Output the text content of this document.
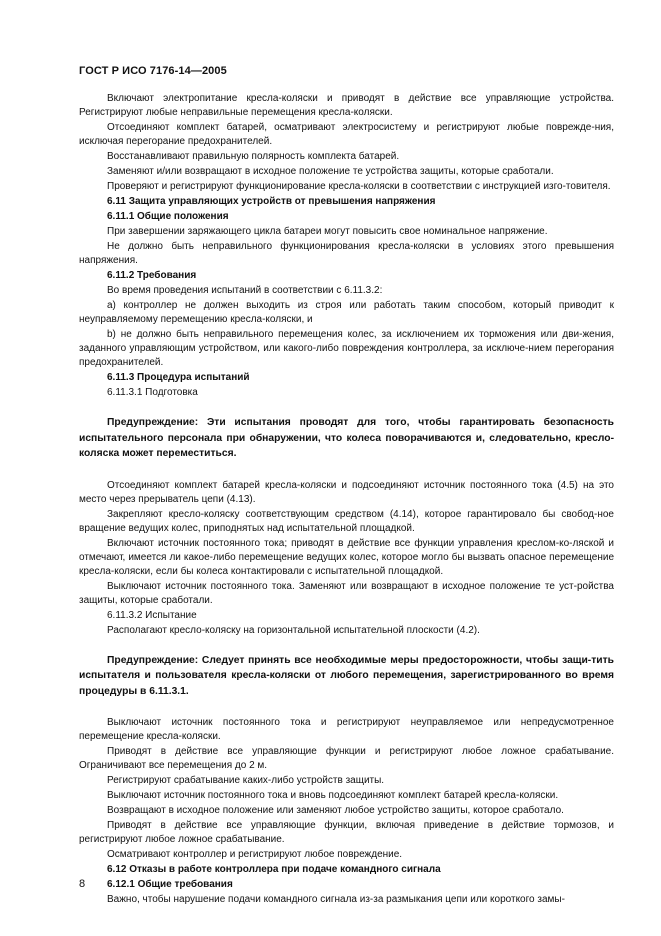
ГОСТ Р ИСО 7176-14—2005

Включают электропитание кресла-коляски и приводят в действие все управляющие устройства. Регистрируют любые неправильные перемещения кресла-коляски.

Отсоединяют комплект батарей, осматривают электросистему и регистрируют любые поврежде-ния, исключая перегорание предохранителей.

Восстанавливают правильную полярность комплекта батарей.

Заменяют и/или возвращают в исходное положение те устройства защиты, которые сработали.

Проверяют и регистрируют функционирование кресла-коляски в соответствии с инструкцией изго-товителя.

6.11 Защита управляющих устройств от превышения напряжения

6.11.1 Общие положения

При завершении заряжающего цикла батареи могут повысить свое номинальное напряжение.

Не должно быть неправильного функционирования кресла-коляски в условиях этого превышения напряжения.

6.11.2 Требования

Во время проведения испытаний в соответствии с 6.11.3.2:

a) контроллер не должен выходить из строя или работать таким способом, который приводит к неуправляемому перемещению кресла-коляски, и

b) не должно быть неправильного перемещения колес, за исключением их торможения или дви-жения, заданного управляющим устройством, или какого-либо повреждения контроллера, за исключе-нием перегорания предохранителей.

6.11.3 Процедура испытаний

6.11.3.1 Подготовка

Предупреждение: Эти испытания проводят для того, чтобы гарантировать безопасность испытательного персонала при обнаружении, что колеса поворачиваются и, следовательно, кресло-коляска может переместиться.

Отсоединяют комплект батарей кресла-коляски и подсоединяют источник постоянного тока (4.5) на это место через прерыватель цепи (4.13).

Закрепляют кресло-коляску соответствующим средством (4.14), которое гарантировало бы свобод-ное вращение ведущих колес, приподнятых над испытательной площадкой.

Включают источник постоянного тока; приводят в действие все функции управления креслом-ко-ляской и отмечают, имеется ли какое-либо перемещение ведущих колес, которое могло бы вызвать опасное перемещение кресла-коляски, если бы колеса контактировали с испытательной площадкой.

Выключают источник постоянного тока. Заменяют или возвращают в исходное положение те уст-ройства защиты, которые сработали.

6.11.3.2 Испытание

Располагают кресло-коляску на горизонтальной испытательной плоскости (4.2).

Предупреждение: Следует принять все необходимые меры предосторожности, чтобы защи-тить испытателя и пользователя кресла-коляски от любого перемещения, зарегистрированного во время процедуры в 6.11.3.1.

Выключают источник постоянного тока и регистрируют неуправляемое или непредусмотренное перемещение кресла-коляски.

Приводят в действие все управляющие функции и регистрируют любое ложное срабатывание. Ограничивают все перемещения до 2 м.

Регистрируют срабатывание каких-либо устройств защиты.

Выключают источник постоянного тока и вновь подсоединяют комплект батарей кресла-коляски.

Возвращают в исходное положение или заменяют любое устройство защиты, которое сработало.

Приводят в действие все управляющие функции, включая приведение в действие тормозов, и регистрируют любое ложное срабатывание.

Осматривают контроллер и регистрируют любое повреждение.

6.12 Отказы в работе контроллера при подаче командного сигнала

6.12.1 Общие требования

Важно, чтобы нарушение подачи командного сигнала из-за размыкания цепи или короткого замы-

8
